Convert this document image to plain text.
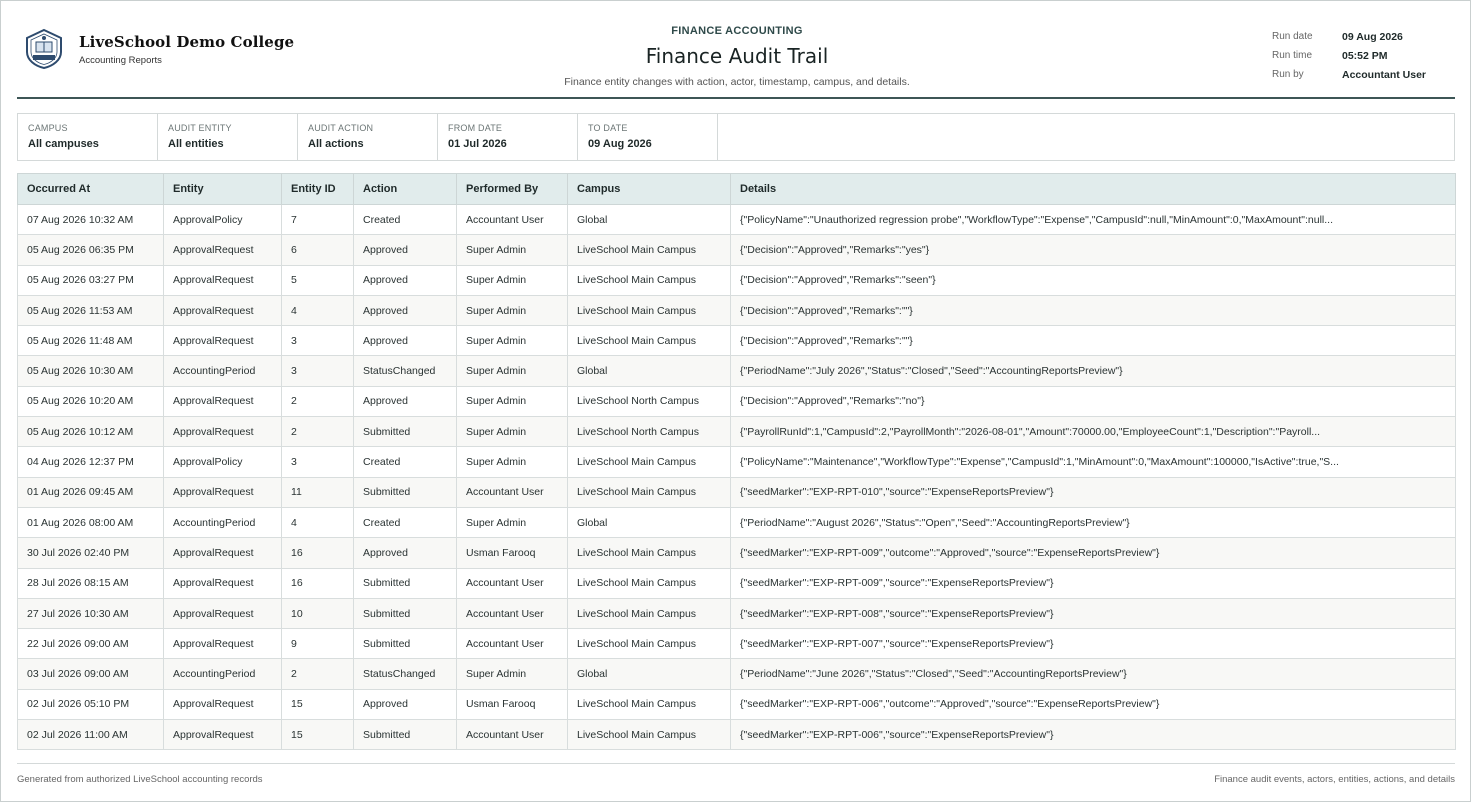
LiveSchool Demo College
Accounting Reports
FINANCE ACCOUNTING
Finance Audit Trail
Finance entity changes with action, actor, timestamp, campus, and details.
Run date	09 Aug 2026
Run time	05:52 PM
Run by	Accountant User
CAMPUS
All campuses
AUDIT ENTITY
All entities
AUDIT ACTION
All actions
FROM DATE
01 Jul 2026
TO DATE
09 Aug 2026
Occurred At	Entity	Entity ID	Action	Performed By	Campus	Details
07 Aug 2026 10:32 AM	ApprovalPolicy	7	Created	Accountant User	Global	{"PolicyName":"Unauthorized regression probe","WorkflowType":"Expense","CampusId":null,"MinAmount":0,"MaxAmount":null...
05 Aug 2026 06:35 PM	ApprovalRequest	6	Approved	Super Admin	LiveSchool Main Campus	{"Decision":"Approved","Remarks":"yes"}
05 Aug 2026 03:27 PM	ApprovalRequest	5	Approved	Super Admin	LiveSchool Main Campus	{"Decision":"Approved","Remarks":"seen"}
05 Aug 2026 11:53 AM	ApprovalRequest	4	Approved	Super Admin	LiveSchool Main Campus	{"Decision":"Approved","Remarks":""}
05 Aug 2026 11:48 AM	ApprovalRequest	3	Approved	Super Admin	LiveSchool Main Campus	{"Decision":"Approved","Remarks":""}
05 Aug 2026 10:30 AM	AccountingPeriod	3	StatusChanged	Super Admin	Global	{"PeriodName":"July 2026","Status":"Closed","Seed":"AccountingReportsPreview"}
05 Aug 2026 10:20 AM	ApprovalRequest	2	Approved	Super Admin	LiveSchool North Campus	{"Decision":"Approved","Remarks":"no"}
05 Aug 2026 10:12 AM	ApprovalRequest	2	Submitted	Super Admin	LiveSchool North Campus	{"PayrollRunId":1,"CampusId":2,"PayrollMonth":"2026-08-01","Amount":70000.00,"EmployeeCount":1,"Description":"Payroll...
04 Aug 2026 12:37 PM	ApprovalPolicy	3	Created	Super Admin	LiveSchool Main Campus	{"PolicyName":"Maintenance","WorkflowType":"Expense","CampusId":1,"MinAmount":0,"MaxAmount":100000,"IsActive":true,"S...
01 Aug 2026 09:45 AM	ApprovalRequest	11	Submitted	Accountant User	LiveSchool Main Campus	{"seedMarker":"EXP-RPT-010","source":"ExpenseReportsPreview"}
01 Aug 2026 08:00 AM	AccountingPeriod	4	Created	Super Admin	Global	{"PeriodName":"August 2026","Status":"Open","Seed":"AccountingReportsPreview"}
30 Jul 2026 02:40 PM	ApprovalRequest	16	Approved	Usman Farooq	LiveSchool Main Campus	{"seedMarker":"EXP-RPT-009","outcome":"Approved","source":"ExpenseReportsPreview"}
28 Jul 2026 08:15 AM	ApprovalRequest	16	Submitted	Accountant User	LiveSchool Main Campus	{"seedMarker":"EXP-RPT-009","source":"ExpenseReportsPreview"}
27 Jul 2026 10:30 AM	ApprovalRequest	10	Submitted	Accountant User	LiveSchool Main Campus	{"seedMarker":"EXP-RPT-008","source":"ExpenseReportsPreview"}
22 Jul 2026 09:00 AM	ApprovalRequest	9	Submitted	Accountant User	LiveSchool Main Campus	{"seedMarker":"EXP-RPT-007","source":"ExpenseReportsPreview"}
03 Jul 2026 09:00 AM	AccountingPeriod	2	StatusChanged	Super Admin	Global	{"PeriodName":"June 2026","Status":"Closed","Seed":"AccountingReportsPreview"}
02 Jul 2026 05:10 PM	ApprovalRequest	15	Approved	Usman Farooq	LiveSchool Main Campus	{"seedMarker":"EXP-RPT-006","outcome":"Approved","source":"ExpenseReportsPreview"}
02 Jul 2026 11:00 AM	ApprovalRequest	15	Submitted	Accountant User	LiveSchool Main Campus	{"seedMarker":"EXP-RPT-006","source":"ExpenseReportsPreview"}
Generated from authorized LiveSchool accounting records	Finance audit events, actors, entities, actions, and details
